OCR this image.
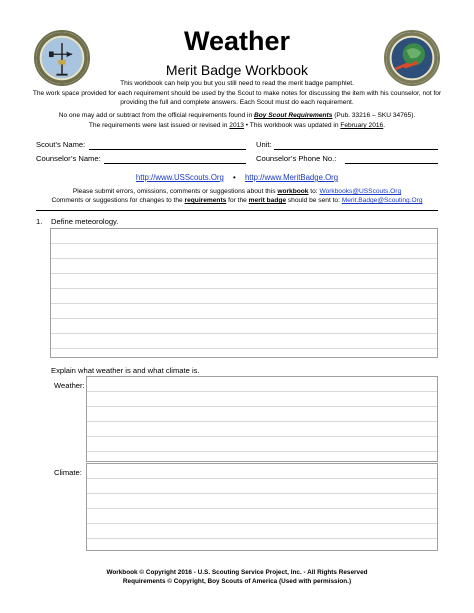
Weather
Merit Badge Workbook
This workbook can help you but you still need to read the merit badge pamphlet.
The work space provided for each requirement should be used by the Scout to make notes for discussing the item with his counselor, not for
providing the full and complete answers. Each Scout must do each requirement.
No one may add or subtract from the official requirements found in Boy Scout Requirements (Pub. 33216 – SKU 34765).
The requirements were last issued or revised in 2013 • This workbook was updated in February 2016.
Scout’s Name:	Unit:
Counselor’s Name:	Counselor’s Phone No.:
http://www.USScouts.Org • http://www.MeritBadge.Org
Please submit errors, omissions, comments or suggestions about this workbook to: Workbooks@USScouts.Org
Comments or suggestions for changes to the requirements for the merit badge should be sent to: Merit.Badge@Scouting.Org
1. Define meteorology.
Explain what weather is and what climate is.
Weather:
Climate:
Workbook © Copyright 2016 - U.S. Scouting Service Project, Inc. - All Rights Reserved
Requirements © Copyright, Boy Scouts of America (Used with permission.)
